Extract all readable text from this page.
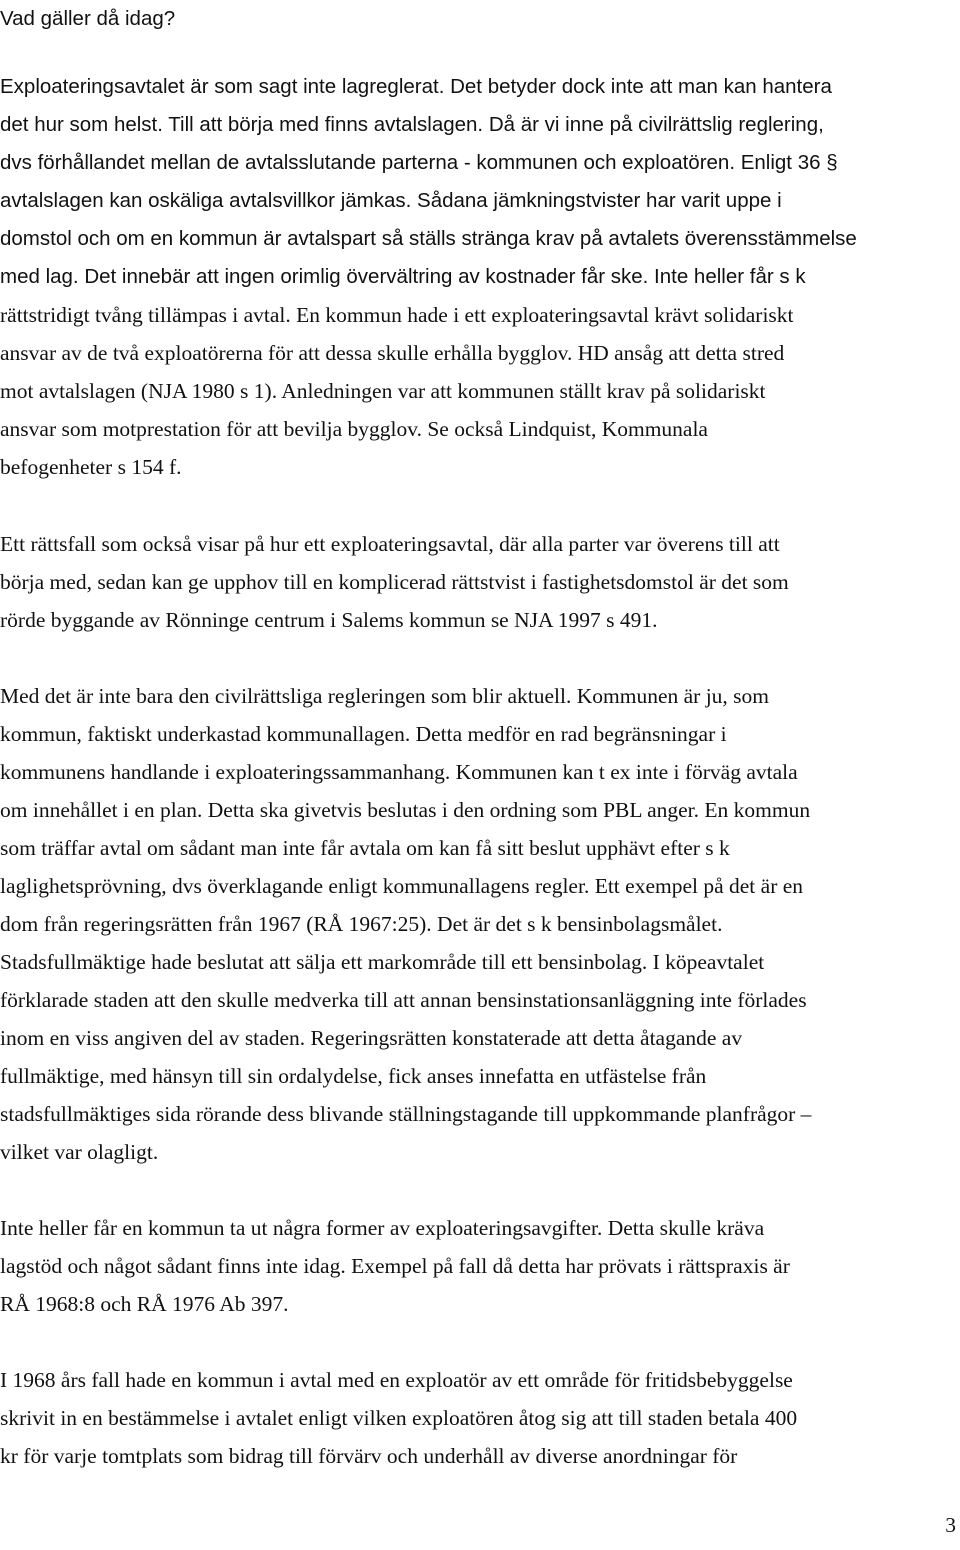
Vad gäller då idag?
Exploateringsavtalet är som sagt inte lagreglerat. Det betyder dock inte att man kan hantera
det hur som helst. Till att börja med finns avtalslagen. Då är vi inne på civilrättslig reglering,
dvs förhållandet mellan de avtalsslutande parterna - kommunen och exploatören. Enligt 36 §
avtalslagen kan oskäliga avtalsvillkor jämkas. Sådana jämkningstvister har varit uppe i
domstol och om en kommun är avtalspart så ställs stränga krav på avtalets överensstämmelse
med lag. Det innebär att ingen orimlig övervältring av kostnader får ske. Inte heller får s k
rättstridigt tvång tillämpas i avtal. En kommun hade i ett exploateringsavtal krävt solidariskt
ansvar av de två exploatörerna för att dessa skulle erhålla bygglov. HD ansåg att detta stred
mot avtalslagen (NJA 1980 s 1). Anledningen var att kommunen ställt krav på solidariskt
ansvar som motprestation för att bevilja bygglov. Se också Lindquist, Kommunala
befogenheter s 154 f.
Ett rättsfall som också visar på hur ett exploateringsavtal, där alla parter var överens till att
börja med, sedan kan ge upphov till en komplicerad rättstvist i fastighetsdomstol är det som
rörde byggande av Rönninge centrum i Salems kommun se NJA 1997 s 491.
Med det är inte bara den civilrättsliga regleringen som blir aktuell. Kommunen är ju, som
kommun, faktiskt underkastad kommunallagen. Detta medför en rad begränsningar i
kommunens handlande i exploateringssammanhang. Kommunen kan t ex inte i förväg avtala
om innehållet i en plan. Detta ska givetvis beslutas i den ordning som PBL anger. En kommun
som träffar avtal om sådant man inte får avtala om kan få sitt beslut upphävt efter s k
laglighetsprövning, dvs överklagande enligt kommunallagens regler. Ett exempel på det är en
dom från regeringsrätten från 1967 (RÅ 1967:25). Det är det s k bensinbolagsmålet.
Stadsfullmäktige hade beslutat att sälja ett markområde till ett bensinbolag. I köpeavtalet
förklarade staden att den skulle medverka till att annan bensinstationsanläggning inte förlades
inom en viss angiven del av staden. Regeringsrätten konstaterade att detta åtagande av
fullmäktige, med hänsyn till sin ordalydelse, fick anses innefatta en utfästelse från
stadsfullmäktiges sida rörande dess blivande ställningstagande till uppkommande planfrågor –
vilket var olagligt.
Inte heller får en kommun ta ut några former av exploateringsavgifter. Detta skulle kräva
lagstöd och något sådant finns inte idag. Exempel på fall då detta har prövats i rättspraxis är
RÅ 1968:8 och RÅ 1976 Ab 397.
I 1968 års fall hade en kommun i avtal med en exploatör av ett område för fritidsbebyggelse
skrivit in en bestämmelse i avtalet enligt vilken exploatören åtog sig att till staden betala 400
kr för varje tomtplats som bidrag till förvärv och underhåll av diverse anordningar för
3
